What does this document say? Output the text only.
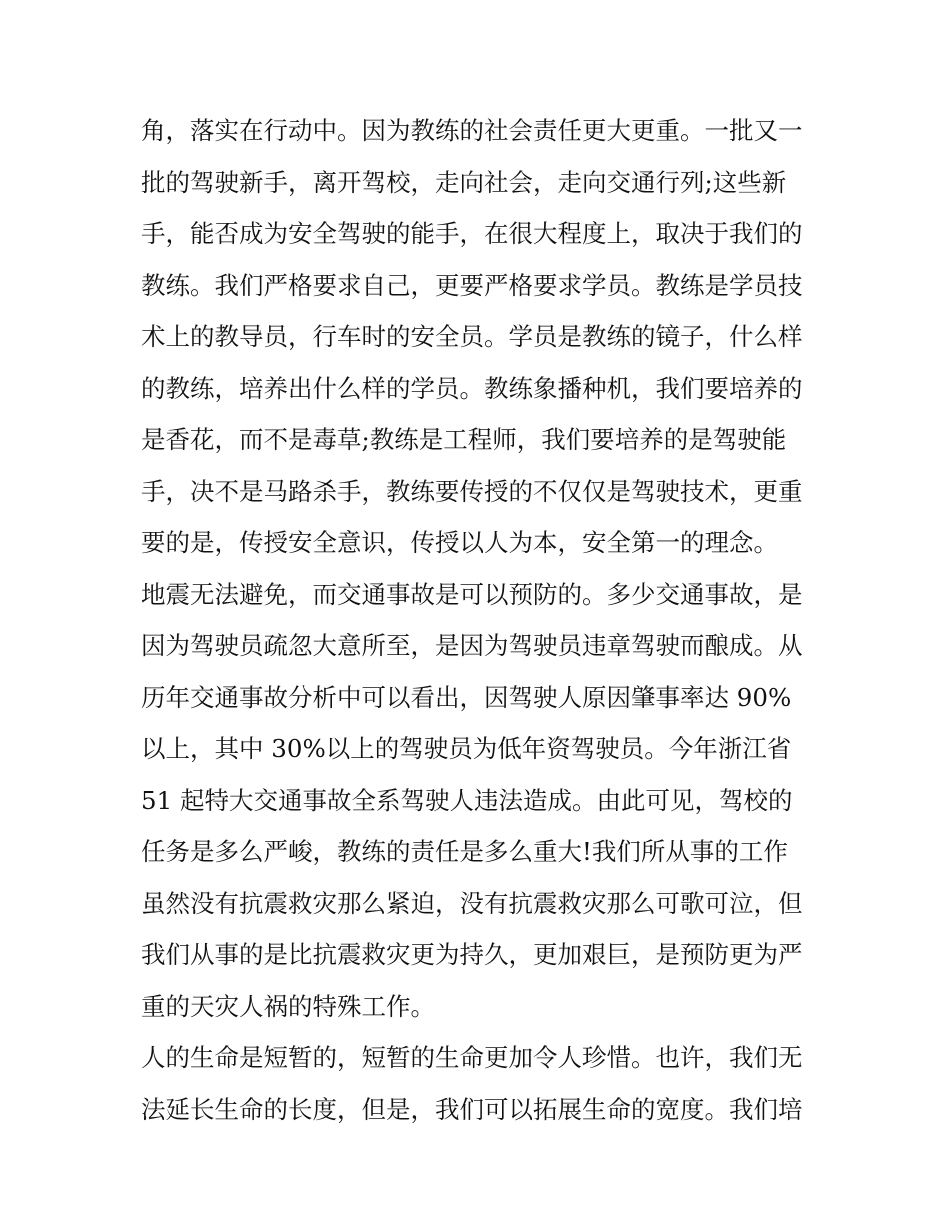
角，落实在行动中。因为教练的社会责任更大更重。一批又一
批的驾驶新手，离开驾校，走向社会，走向交通行列;这些新
手，能否成为安全驾驶的能手，在很大程度上，取决于我们的
教练。我们严格要求自己，更要严格要求学员。教练是学员技
术上的教导员，行车时的安全员。学员是教练的镜子，什么样
的教练，培养出什么样的学员。教练象播种机，我们要培养的
是香花，而不是毒草;教练是工程师，我们要培养的是驾驶能
手，决不是马路杀手，教练要传授的不仅仅是驾驶技术，更重
要的是，传授安全意识，传授以人为本，安全第一的理念。
地震无法避免，而交通事故是可以预防的。多少交通事故，是
因为驾驶员疏忽大意所至，是因为驾驶员违章驾驶而酿成。从
历年交通事故分析中可以看出，因驾驶人原因肇事率达 90%
以上，其中 30%以上的驾驶员为低年资驾驶员。今年浙江省
51 起特大交通事故全系驾驶人违法造成。由此可见，驾校的
任务是多么严峻，教练的责任是多么重大!我们所从事的工作
虽然没有抗震救灾那么紧迫，没有抗震救灾那么可歌可泣，但
我们从事的是比抗震救灾更为持久，更加艰巨，是预防更为严
重的天灾人祸的特殊工作。
人的生命是短暂的，短暂的生命更加令人珍惜。也许，我们无
法延长生命的长度，但是，我们可以拓展生命的宽度。我们培
